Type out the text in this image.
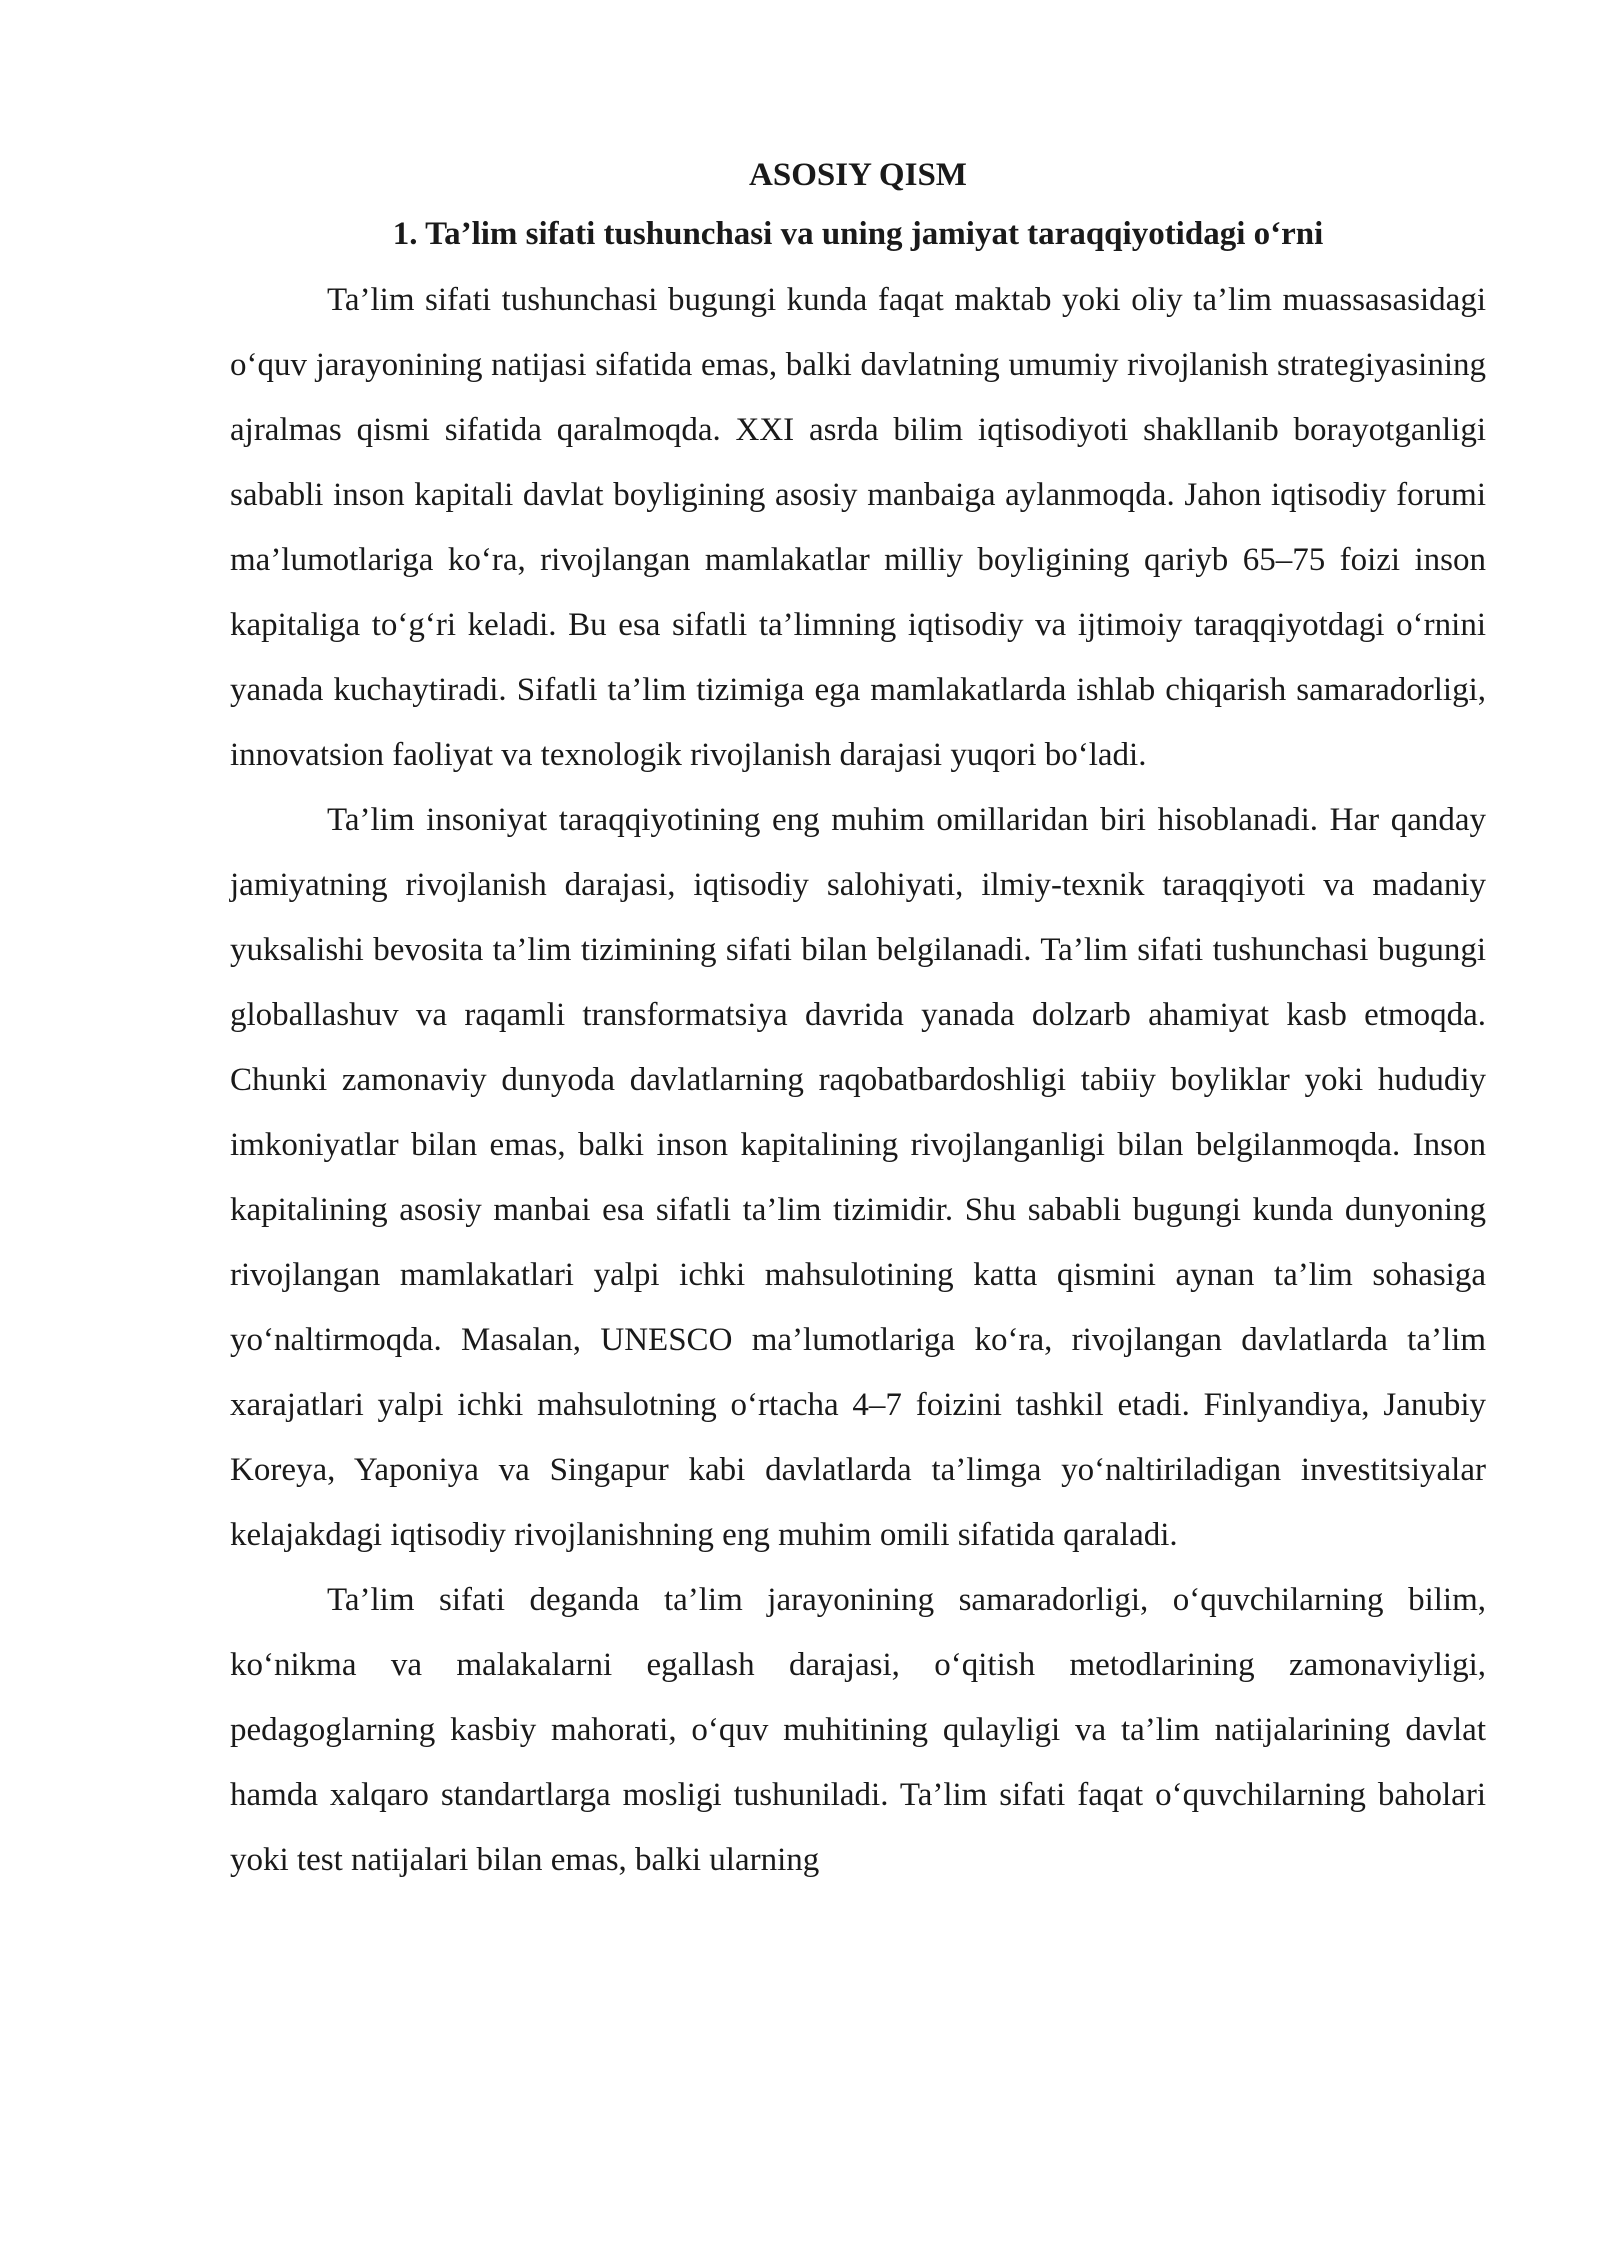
ASOSIY QISM
1. Ta’lim sifati tushunchasi va uning jamiyat taraqqiyotidagi o‘rni

Ta’lim sifati tushunchasi bugungi kunda faqat maktab yoki oliy ta’lim muassasasidagi o‘quv jarayonining natijasi sifatida emas, balki davlatning umumiy rivojlanish strategiyasining ajralmas qismi sifatida qaralmoqda. XXI asrda bilim iqtisodiyoti shakllanib borayotganligi sababli inson kapitali davlat boyligining asosiy manbaiga aylanmoqda. Jahon iqtisodiy forumi ma’lumotlariga ko‘ra, rivojlangan mamlakatlar milliy boyligining qariyb 65–75 foizi inson kapitaliga to‘g‘ri keladi. Bu esa sifatli ta’limning iqtisodiy va ijtimoiy taraqqiyotdagi o‘rnini yanada kuchaytiradi. Sifatli ta’lim tizimiga ega mamlakatlarda ishlab chiqarish samaradorligi, innovatsion faoliyat va texnologik rivojlanish darajasi yuqori bo‘ladi.

Ta’lim insoniyat taraqqiyotining eng muhim omillaridan biri hisoblanadi. Har qanday jamiyatning rivojlanish darajasi, iqtisodiy salohiyati, ilmiy-texnik taraqqiyoti va madaniy yuksalishi bevosita ta’lim tizimining sifati bilan belgilanadi. Ta’lim sifati tushunchasi bugungi globallashuv va raqamli transformatsiya davrida yanada dolzarb ahamiyat kasb etmoqda. Chunki zamonaviy dunyoda davlatlarning raqobatbardoshligi tabiiy boyliklar yoki hududiy imkoniyatlar bilan emas, balki inson kapitalining rivojlanganligi bilan belgilanmoqda. Inson kapitalining asosiy manbai esa sifatli ta’lim tizimidir. Shu sababli bugungi kunda dunyoning rivojlangan mamlakatlari yalpi ichki mahsulotining katta qismini aynan ta’lim sohasiga yo‘naltirmoqda. Masalan, UNESCO ma’lumotlariga ko‘ra, rivojlangan davlatlarda ta’lim xarajatlari yalpi ichki mahsulotning o‘rtacha 4–7 foizini tashkil etadi. Finlyandiya, Janubiy Koreya, Yaponiya va Singapur kabi davlatlarda ta’limga yo‘naltiriladigan investitsiyalar kelajakdagi iqtisodiy rivojlanishning eng muhim omili sifatida qaraladi.

Ta’lim sifati deganda ta’lim jarayonining samaradorligi, o‘quvchilarning bilim, ko‘nikma va malakalarni egallash darajasi, o‘qitish metodlarining zamonaviyligi, pedagoglarning kasbiy mahorati, o‘quv muhitining qulayligi va ta’lim natijalarining davlat hamda xalqaro standartlarga mosligi tushuniladi. Ta’lim sifati faqat o‘quvchilarning baholari yoki test natijalari bilan emas, balki ularning
